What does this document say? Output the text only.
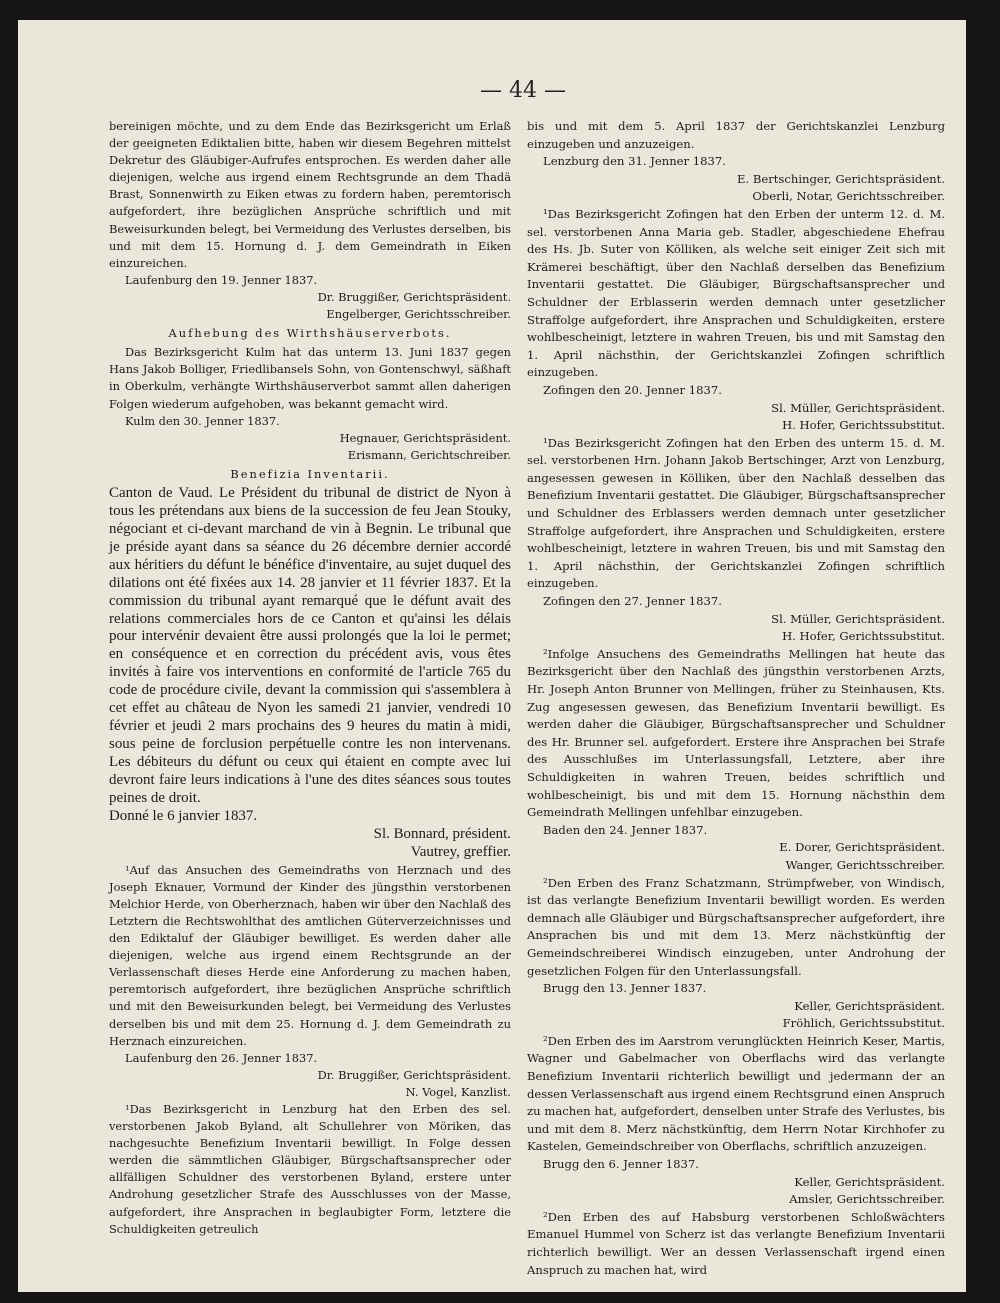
— 44 —

bereinigen möchte, und zu dem Ende das Bezirksgericht um Erlaß der geeigneten Ediktalien bitte, haben wir diesem Begehren mittelst Dekretur des Gläubiger-Aufrufes entsprochen. Es werden daher alle diejenigen, welche aus irgend einem Rechtsgrunde an dem Thadä Brast, Sonnenwirth zu Eiken etwas zu fordern haben, peremtorisch aufgefordert, ihre bezüglichen Ansprüche schriftlich und mit Beweisurkunden belegt, bei Vermeidung des Verlustes derselben, bis und mit dem 15. Hornung d. J. dem Gemeindrath in Eiken einzureichen.

Laufenburg den 19. Jenner 1837.

Dr. Bruggißer, Gerichtspräsident.

Engelberger, Gerichtsschreiber.

Aufhebung des Wirthshäuserverbots.

Das Bezirksgericht Kulm hat das unterm 13. Juni 1837 gegen Hans Jakob Bolliger, Friedlibansels Sohn, von Gontenschwyl, säßhaft in Oberkulm, verhängte Wirthshäuserverbot sammt allen daherigen Folgen wiederum aufgehoben, was bekannt gemacht wird.

Kulm den 30. Jenner 1837.

Hegnauer, Gerichtspräsident.

Erismann, Gerichtschreiber.

Benefizia Inventarii.

Canton de Vaud. Le Président du tribunal de district de Nyon à tous les prétendans aux biens de la succession de feu Jean Stouky, négociant et ci-devant marchand de vin à Begnin. Le tribunal que je préside ayant dans sa séance du 26 décembre dernier accordé aux héritiers du défunt le bénéfice d'inventaire, au sujet duquel des dilations ont été fixées aux 14. 28 janvier et 11 février 1837. Et la commission du tribunal ayant remarqué que le défunt avait des relations commerciales hors de ce Canton et qu'ainsi les délais pour intervénir devaient être aussi prolongés que la loi le permet; en conséquence et en correction du précédent avis, vous êtes invités à faire vos interventions en conformité de l'article 765 du code de procédure civile, devant la commission qui s'assemblera à cet effet au château de Nyon les samedi 21 janvier, vendredi 10 février et jeudi 2 mars prochains des 9 heures du matin à midi, sous peine de forclusion perpétuelle contre les non intervenans. Les débiteurs du défunt ou ceux qui étaient en compte avec lui devront faire leurs indications à l'une des dites séances sous toutes peines de droit.

Donné le 6 janvier 1837.

Sl. Bonnard, président.

Vautrey, greffier.

¹Auf das Ansuchen des Gemeindraths von Herznach und des Joseph Eknauer, Vormund der Kinder des jüngsthin verstorbenen Melchior Herde, von Oberherznach, haben wir über den Nachlaß des Letztern die Rechtswohlthat des amtlichen Güterverzeichnisses und den Ediktaluf der Gläubiger bewilliget. Es werden daher alle diejenigen, welche aus irgend einem Rechtsgrunde an der Verlassenschaft dieses Herde eine Anforderung zu machen haben, peremtorisch aufgefordert, ihre bezüglichen Ansprüche schriftlich und mit den Beweisurkunden belegt, bei Vermeidung des Verlustes derselben bis und mit dem 25. Hornung d. J. dem Gemeindrath zu Herznach einzureichen.

Laufenburg den 26. Jenner 1837.

Dr. Bruggißer, Gerichtspräsident.

N. Vogel, Kanzlist.

¹Das Bezirksgericht in Lenzburg hat den Erben des sel. verstorbenen Jakob Byland, alt Schullehrer von Möriken, das nachgesuchte Benefizium Inventarii bewilligt. In Folge dessen werden die sämmtlichen Gläubiger, Bürgschaftsansprecher oder allfälligen Schuldner des verstorbenen Byland, erstere unter Androhung gesetzlicher Strafe des Ausschlusses von der Masse, aufgefordert, ihre Ansprachen in beglaubigter Form, letztere die Schuldigkeiten getreulich

bis und mit dem 5. April 1837 der Gerichtskanzlei Lenzburg einzugeben und anzuzeigen.

Lenzburg den 31. Jenner 1837.

E. Bertschinger, Gerichtspräsident.

Oberli, Notar, Gerichtsschreiber.

¹Das Bezirksgericht Zofingen hat den Erben der unterm 12. d. M. sel. verstorbenen Anna Maria geb. Stadler, abgeschiedene Ehefrau des Hs. Jb. Suter von Kölliken, als welche seit einiger Zeit sich mit Krämerei beschäftigt, über den Nachlaß derselben das Benefizium Inventarii gestattet. Die Gläubiger, Bürgschaftsansprecher und Schuldner der Erblasserin werden demnach unter gesetzlicher Straffolge aufgefordert, ihre Ansprachen und Schuldigkeiten, erstere wohlbescheinigt, letztere in wahren Treuen, bis und mit Samstag den 1. April nächsthin, der Gerichtskanzlei Zofingen schriftlich einzugeben.

Zofingen den 20. Jenner 1837.

Sl. Müller, Gerichtspräsident.

H. Hofer, Gerichtssubstitut.

¹Das Bezirksgericht Zofingen hat den Erben des unterm 15. d. M. sel. verstorbenen Hrn. Johann Jakob Bertschinger, Arzt von Lenzburg, angesessen gewesen in Kölliken, über den Nachlaß desselben das Benefizium Inventarii gestattet. Die Gläubiger, Bürgschaftsansprecher und Schuldner des Erblassers werden demnach unter gesetzlicher Straffolge aufgefordert, ihre Ansprachen und Schuldigkeiten, erstere wohlbescheinigt, letztere in wahren Treuen, bis und mit Samstag den 1. April nächsthin, der Gerichtskanzlei Zofingen schriftlich einzugeben.

Zofingen den 27. Jenner 1837.

Sl. Müller, Gerichtspräsident.

H. Hofer, Gerichtssubstitut.

²Infolge Ansuchens des Gemeindraths Mellingen hat heute das Bezirksgericht über den Nachlaß des jüngsthin verstorbenen Arzts, Hr. Joseph Anton Brunner von Mellingen, früher zu Steinhausen, Kts. Zug angesessen gewesen, das Benefizium Inventarii bewilligt. Es werden daher die Gläubiger, Bürgschaftsansprecher und Schuldner des Hr. Brunner sel. aufgefordert. Erstere ihre Ansprachen bei Strafe des Ausschlußes im Unterlassungsfall, Letztere, aber ihre Schuldigkeiten in wahren Treuen, beides schriftlich und wohlbescheinigt, bis und mit dem 15. Hornung nächsthin dem Gemeindrath Mellingen unfehlbar einzugeben.

Baden den 24. Jenner 1837.

E. Dorer, Gerichtspräsident.

Wanger, Gerichtsschreiber.

²Den Erben des Franz Schatzmann, Strümpfweber, von Windisch, ist das verlangte Benefizium Inventarii bewilligt worden. Es werden demnach alle Gläubiger und Bürgschaftsansprecher aufgefordert, ihre Ansprachen bis und mit dem 13. Merz nächstkünftig der Gemeindschreiberei Windisch einzugeben, unter Androhung der gesetzlichen Folgen für den Unterlassungsfall.

Brugg den 13. Jenner 1837.

Keller, Gerichtspräsident.

Fröhlich, Gerichtssubstitut.

²Den Erben des im Aarstrom verunglückten Heinrich Keser, Martis, Wagner und Gabelmacher von Oberflachs wird das verlangte Benefizium Inventarii richterlich bewilligt und jedermann der an dessen Verlassenschaft aus irgend einem Rechtsgrund einen Anspruch zu machen hat, aufgefordert, denselben unter Strafe des Verlustes, bis und mit dem 8. Merz nächstkünftig, dem Herrn Notar Kirchhofer zu Kastelen, Gemeindschreiber von Oberflachs, schriftlich anzuzeigen.

Brugg den 6. Jenner 1837.

Keller, Gerichtspräsident.

Amsler, Gerichtsschreiber.

²Den Erben des auf Habsburg verstorbenen Schloßwächters Emanuel Hummel von Scherz ist das verlangte Benefizium Inventarii richterlich bewilligt. Wer an dessen Verlassenschaft irgend einen Anspruch zu machen hat, wird
